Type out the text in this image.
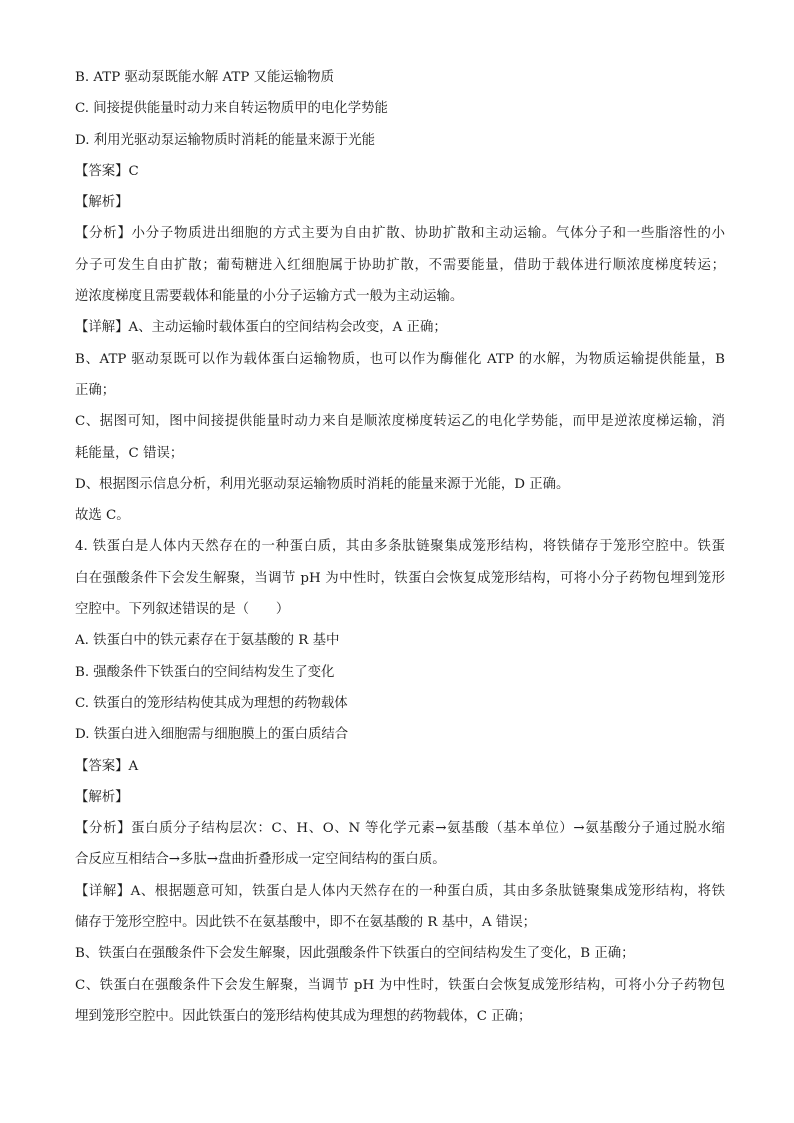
B. ATP 驱动泵既能水解 ATP 又能运输物质
C. 间接提供能量时动力来自转运物质甲的电化学势能
D. 利用光驱动泵运输物质时消耗的能量来源于光能
【答案】C
【解析】
【分析】小分子物质进出细胞的方式主要为自由扩散、协助扩散和主动运输。气体分子和一些脂溶性的小
分子可发生自由扩散；葡萄糖进入红细胞属于协助扩散，不需要能量，借助于载体进行顺浓度梯度转运；
逆浓度梯度且需要载体和能量的小分子运输方式一般为主动运输。
【详解】A、主动运输时载体蛋白的空间结构会改变，A 正确；
B、ATP 驱动泵既可以作为载体蛋白运输物质，也可以作为酶催化 ATP 的水解，为物质运输提供能量，B
正确；
C、据图可知，图中间接提供能量时动力来自是顺浓度梯度转运乙的电化学势能，而甲是逆浓度梯运输，消
耗能量，C 错误；
D、根据图示信息分析，利用光驱动泵运输物质时消耗的能量来源于光能，D 正确。
故选 C。
4. 铁蛋白是人体内天然存在的一种蛋白质，其由多条肽链聚集成笼形结构，将铁储存于笼形空腔中。铁蛋
白在强酸条件下会发生解聚，当调节 pH 为中性时，铁蛋白会恢复成笼形结构，可将小分子药物包埋到笼形
空腔中。下列叙述错误的是（　　）
A. 铁蛋白中的铁元素存在于氨基酸的 R 基中
B. 强酸条件下铁蛋白的空间结构发生了变化
C. 铁蛋白的笼形结构使其成为理想的药物载体
D. 铁蛋白进入细胞需与细胞膜上的蛋白质结合
【答案】A
【解析】
【分析】蛋白质分子结构层次：C、H、O、N 等化学元素→氨基酸（基本单位）→氨基酸分子通过脱水缩
合反应互相结合→多肽→盘曲折叠形成一定空间结构的蛋白质。
【详解】A、根据题意可知，铁蛋白是人体内天然存在的一种蛋白质，其由多条肽链聚集成笼形结构，将铁
储存于笼形空腔中。因此铁不在氨基酸中，即不在氨基酸的 R 基中，A 错误；
B、铁蛋白在强酸条件下会发生解聚，因此强酸条件下铁蛋白的空间结构发生了变化，B 正确；
C、铁蛋白在强酸条件下会发生解聚，当调节 pH 为中性时，铁蛋白会恢复成笼形结构，可将小分子药物包
埋到笼形空腔中。因此铁蛋白的笼形结构使其成为理想的药物载体，C 正确；
